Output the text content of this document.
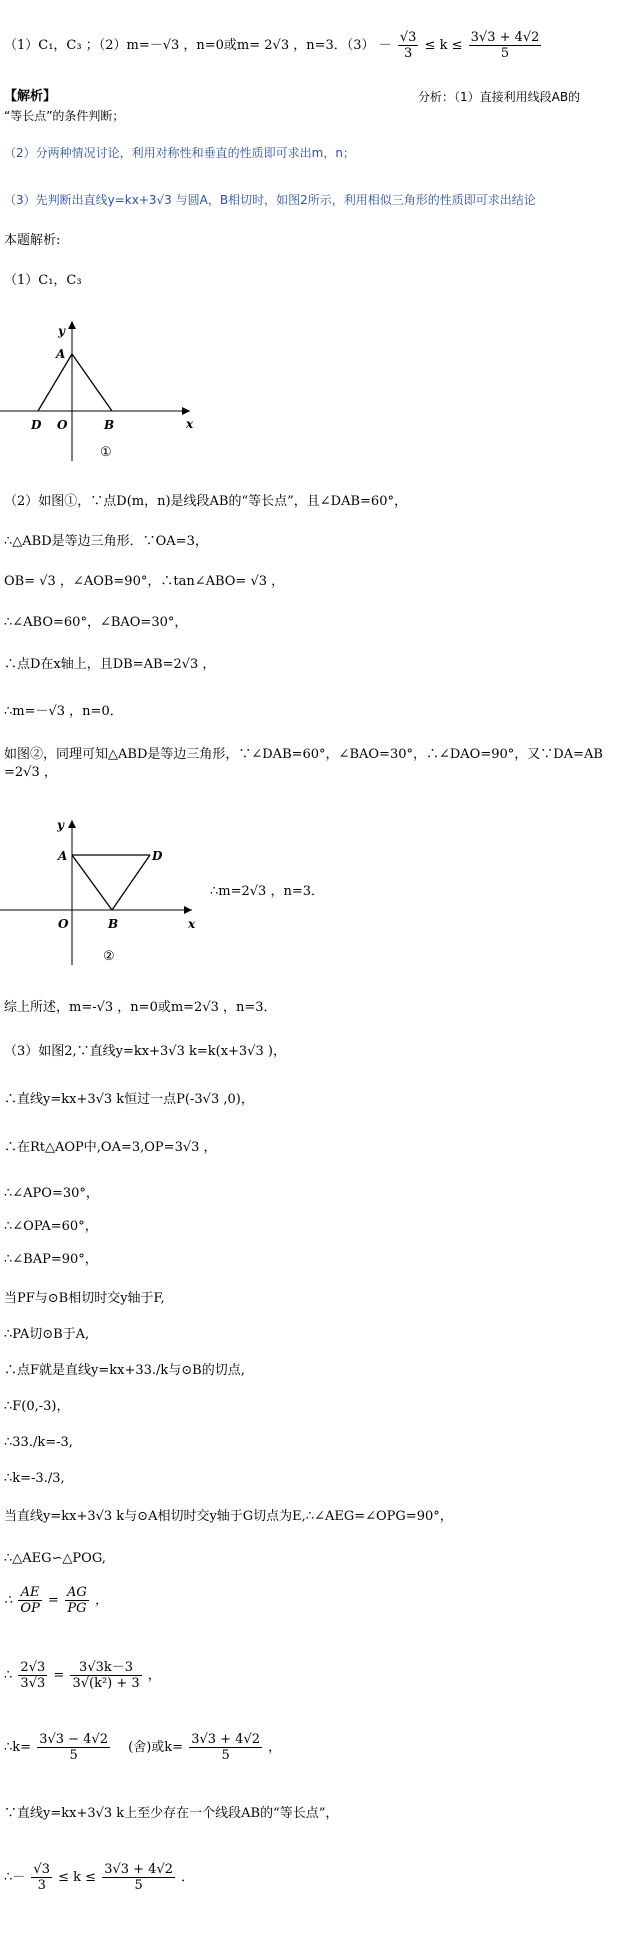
（1）C₁，C₃ ；（2）m=－√3 ，n=0或m= 2√3 ，n=3．$(3) - \frac{√3}{3} \le k \le \frac{3√3 + 4√2}{5}$
【解析】	分析：（1）直接利用线段AB的
“等长点”的条件判断；
（2）分两种情况讨论，利用对称性和垂直的性质即可求出m，n；
（3）先判断出直线y=kx+3√3 与圆A，B相切时，如图2所示，利用相似三角形的性质即可求出结论
本题解析:
（1）C₁，C₃
y
x
A
D O	B
①
（2）如图①，∵点D(m，n)是线段AB的“等长点”，且∠DAB=60°，
∴△ABD是等边三角形．∵OA=3，
OB= √3 ，∠AOB=90°，∴tan∠ABO= √3 ，
∴∠ABO=60°，∠BAO=30°，
∴点D在x轴上，且DB=AB=2√3 ，
∴m=－√3 ，n=0．
如图②，同理可知△ABD是等边三角形，∵∠DAB=60°，∠BAO=30°，∴∠DAO=90°，又∵DA=AB
=2√3 ，
y
x
A	D
O	B
②
∴m=2√3 ，n=3．
综上所述，m=-√3 ，n=0或m=2√3 ，n=3．
（3）如图2,∵直线y=kx+3√3 k=k(x+3√3 )，
∴直线y=kx+3√3 k恒过一点P(-3√3 ,0)，
∴在Rt△AOP中,OA=3,OP=3√3 ，
∴∠APO=30°，
∴∠OPA=60°，
∴∠BAP=90°，
当PF与⊙B相切时交y轴于F,
∴PA切⊙B于A,
∴点F就是直线y=kx+33./k与⊙B的切点,
∴F(0,-3)，
∴33./k=-3,
∴k=-3./3,
当直线y=kx+3√3 k与⊙A相切时交y轴于G切点为E,∴∠AEG=∠OPG=90°，
∴△AEG∽△POG,
∴ $\frac{AE}{OP} = \frac{AG}{PG}$ ，
∴ $\frac{2√3}{3√3} = \frac{3√3k-3}{\text{3√(k²) + 3}}$ ，
∴k= $\frac{3√3 - 4√2}{5}$ (舍)或$k= \frac{3√3 + 4√2}{5}$ ，
∵直线y=kx+3√3 k上至少存在一个线段AB的“等长点”，
∴－ $\frac{√3}{3} \le k \le \frac{3√3 + 4√2}{5}$ ．
